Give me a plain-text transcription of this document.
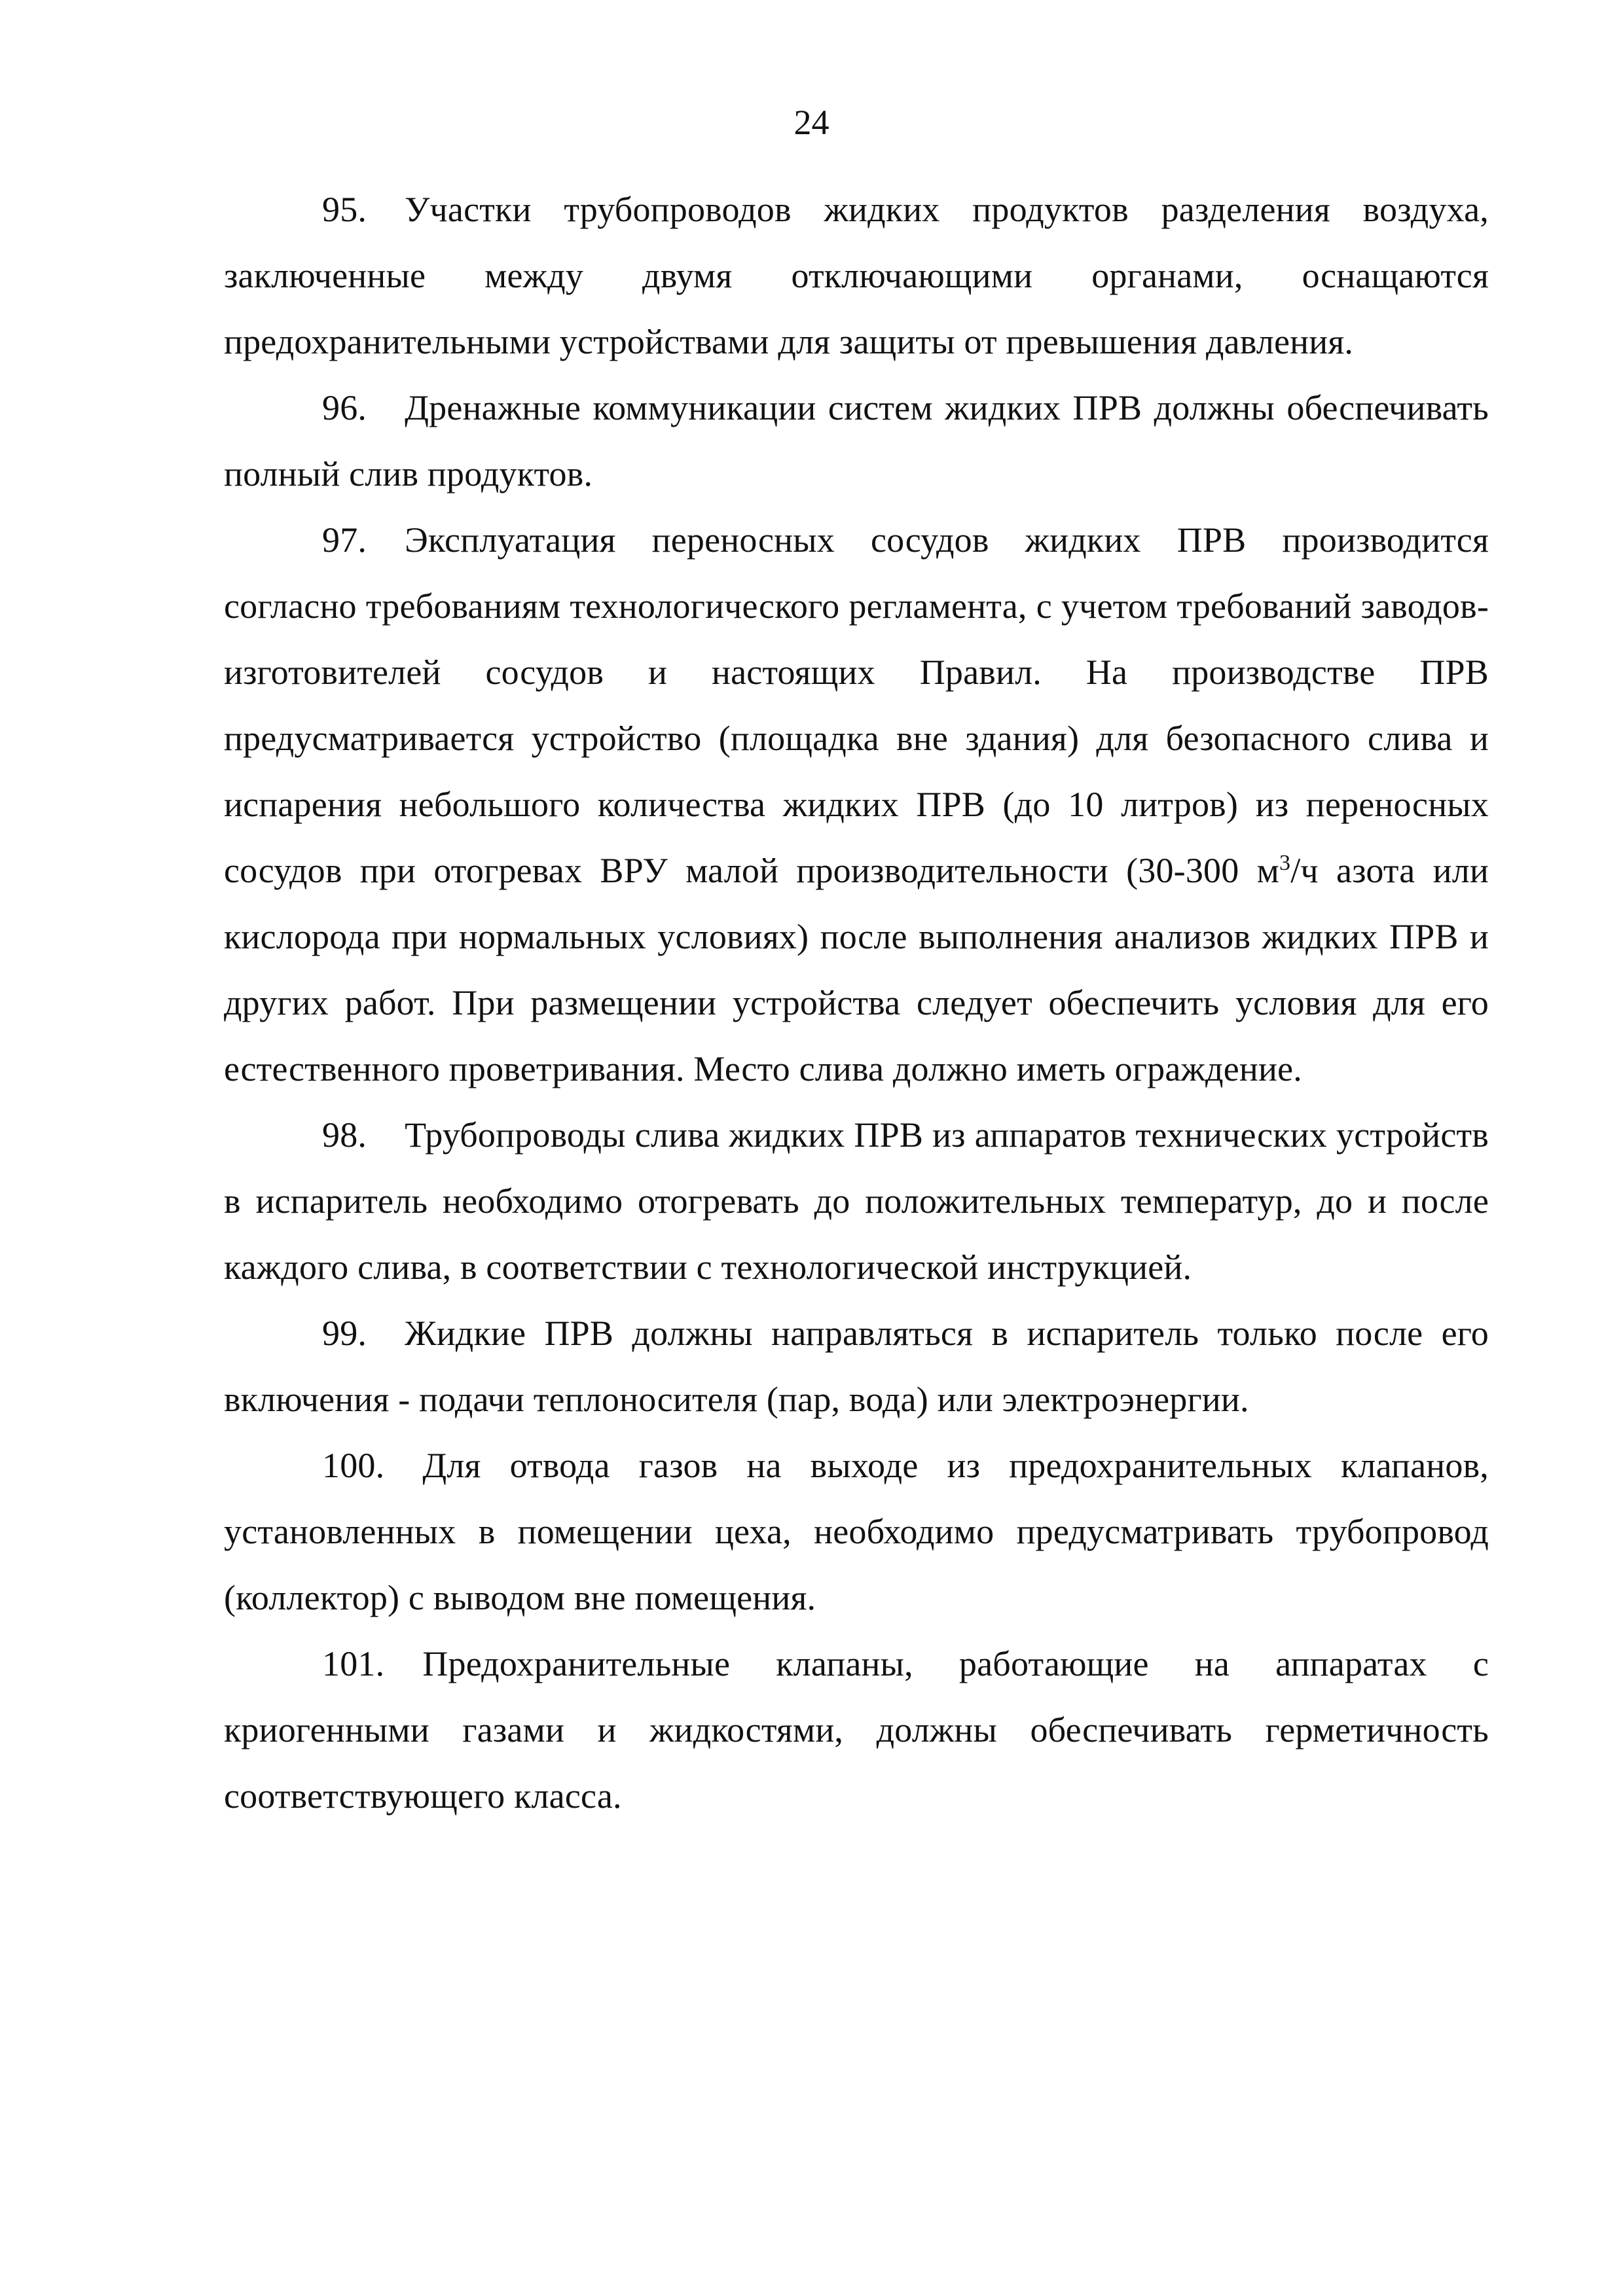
24

95. Участки трубопроводов жидких продуктов разделения воздуха, заключенные между двумя отключающими органами, оснащаются предохранительными устройствами для защиты от превышения давления.

96. Дренажные коммуникации систем жидких ПРВ должны обеспечивать полный слив продуктов.

97. Эксплуатация переносных сосудов жидких ПРВ производится согласно требованиям технологического регламента, с учетом требований заводов-изготовителей сосудов и настоящих Правил. На производстве ПРВ предусматривается устройство (площадка вне здания) для безопасного слива и испарения небольшого количества жидких ПРВ (до 10 литров) из переносных сосудов при отогревах ВРУ малой производительности (30-300 $м^3/ч$ азота или кислорода при нормальных условиях) после выполнения анализов жидких ПРВ и других работ. При размещении устройства следует обеспечить условия для его естественного проветривания. Место слива должно иметь ограждение.

98. Трубопроводы слива жидких ПРВ из аппаратов технических устройств в испаритель необходимо отогревать до положительных температур, до и после каждого слива, в соответствии с технологической инструкцией.

99. Жидкие ПРВ должны направляться в испаритель только после его включения - подачи теплоносителя (пар, вода) или электроэнергии.

100. Для отвода газов на выходе из предохранительных клапанов, установленных в помещении цеха, необходимо предусматривать трубопровод (коллектор) с выводом вне помещения.

101. Предохранительные клапаны, работающие на аппаратах с криогенными газами и жидкостями, должны обеспечивать герметичность соответствующего класса.
